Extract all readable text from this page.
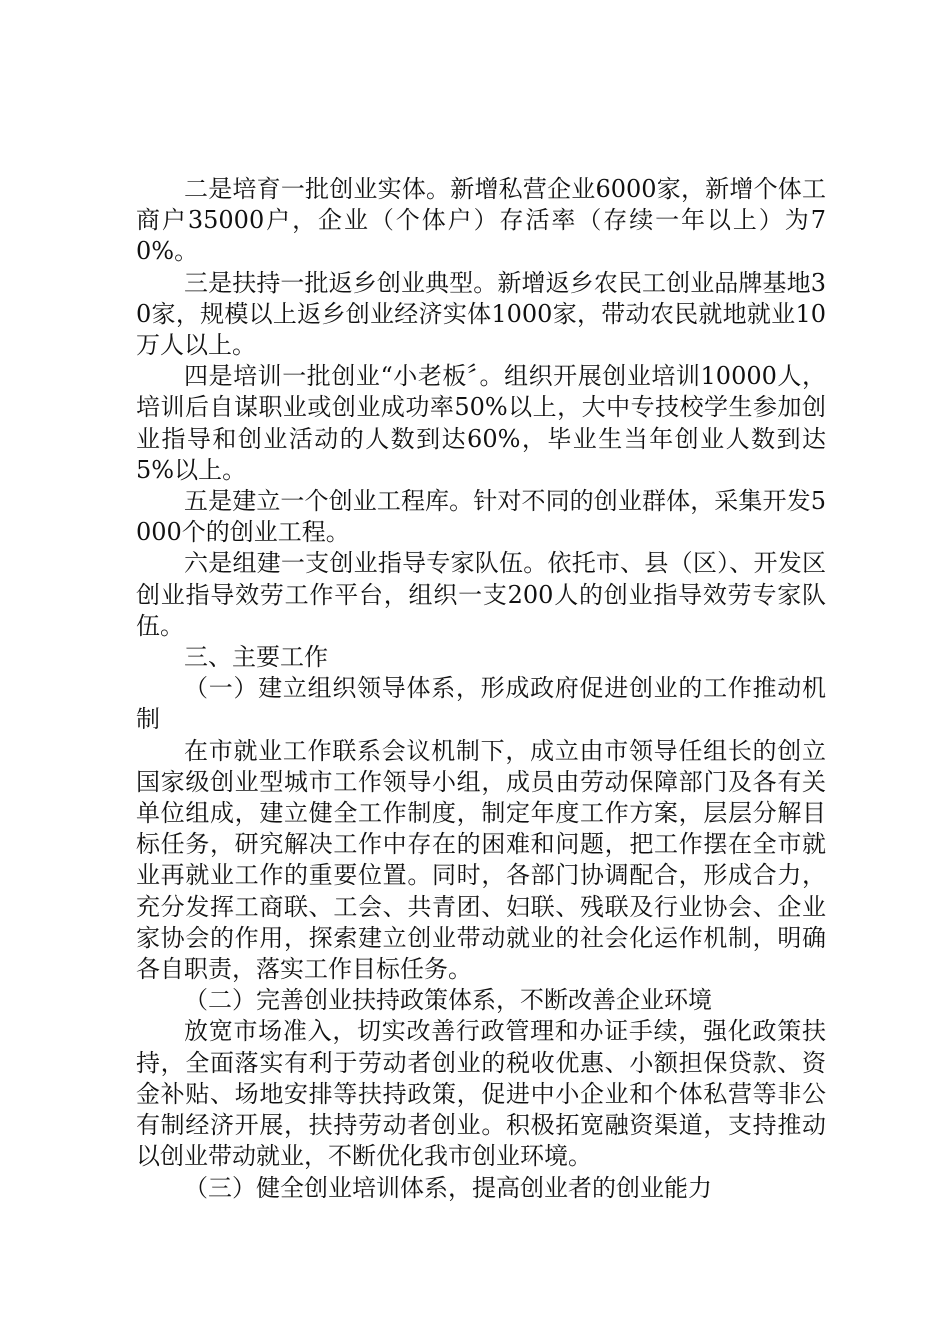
二是培育一批创业实体。新增私营企业6000家，新增个体工商户35000户，企业（个体户）存活率（存续一年以上）为70%。

三是扶持一批返乡创业典型。新增返乡农民工创业品牌基地30家，规模以上返乡创业经济实体1000家，带动农民就地就业10万人以上。

四是培训一批创业“小老板〞。组织开展创业培训10000人，培训后自谋职业或创业成功率50%以上，大中专技校学生参加创业指导和创业活动的人数到达60%，毕业生当年创业人数到达5%以上。

五是建立一个创业工程库。针对不同的创业群体，采集开发5000个的创业工程。

六是组建一支创业指导专家队伍。依托市、县（区）、开发区创业指导效劳工作平台，组织一支200人的创业指导效劳专家队伍。

三、主要工作

（一）建立组织领导体系，形成政府促进创业的工作推动机制

在市就业工作联系会议机制下，成立由市领导任组长的创立国家级创业型城市工作领导小组，成员由劳动保障部门及各有关单位组成，建立健全工作制度，制定年度工作方案，层层分解目标任务，研究解决工作中存在的困难和问题，把工作摆在全市就业再就业工作的重要位置。同时，各部门协调配合，形成合力，充分发挥工商联、工会、共青团、妇联、残联及行业协会、企业家协会的作用，探索建立创业带动就业的社会化运作机制，明确各自职责，落实工作目标任务。

（二）完善创业扶持政策体系，不断改善企业环境

放宽市场准入，切实改善行政管理和办证手续，强化政策扶持，全面落实有利于劳动者创业的税收优惠、小额担保贷款、资金补贴、场地安排等扶持政策，促进中小企业和个体私营等非公有制经济开展，扶持劳动者创业。积极拓宽融资渠道，支持推动以创业带动就业，不断优化我市创业环境。

（三）健全创业培训体系，提高创业者的创业能力
